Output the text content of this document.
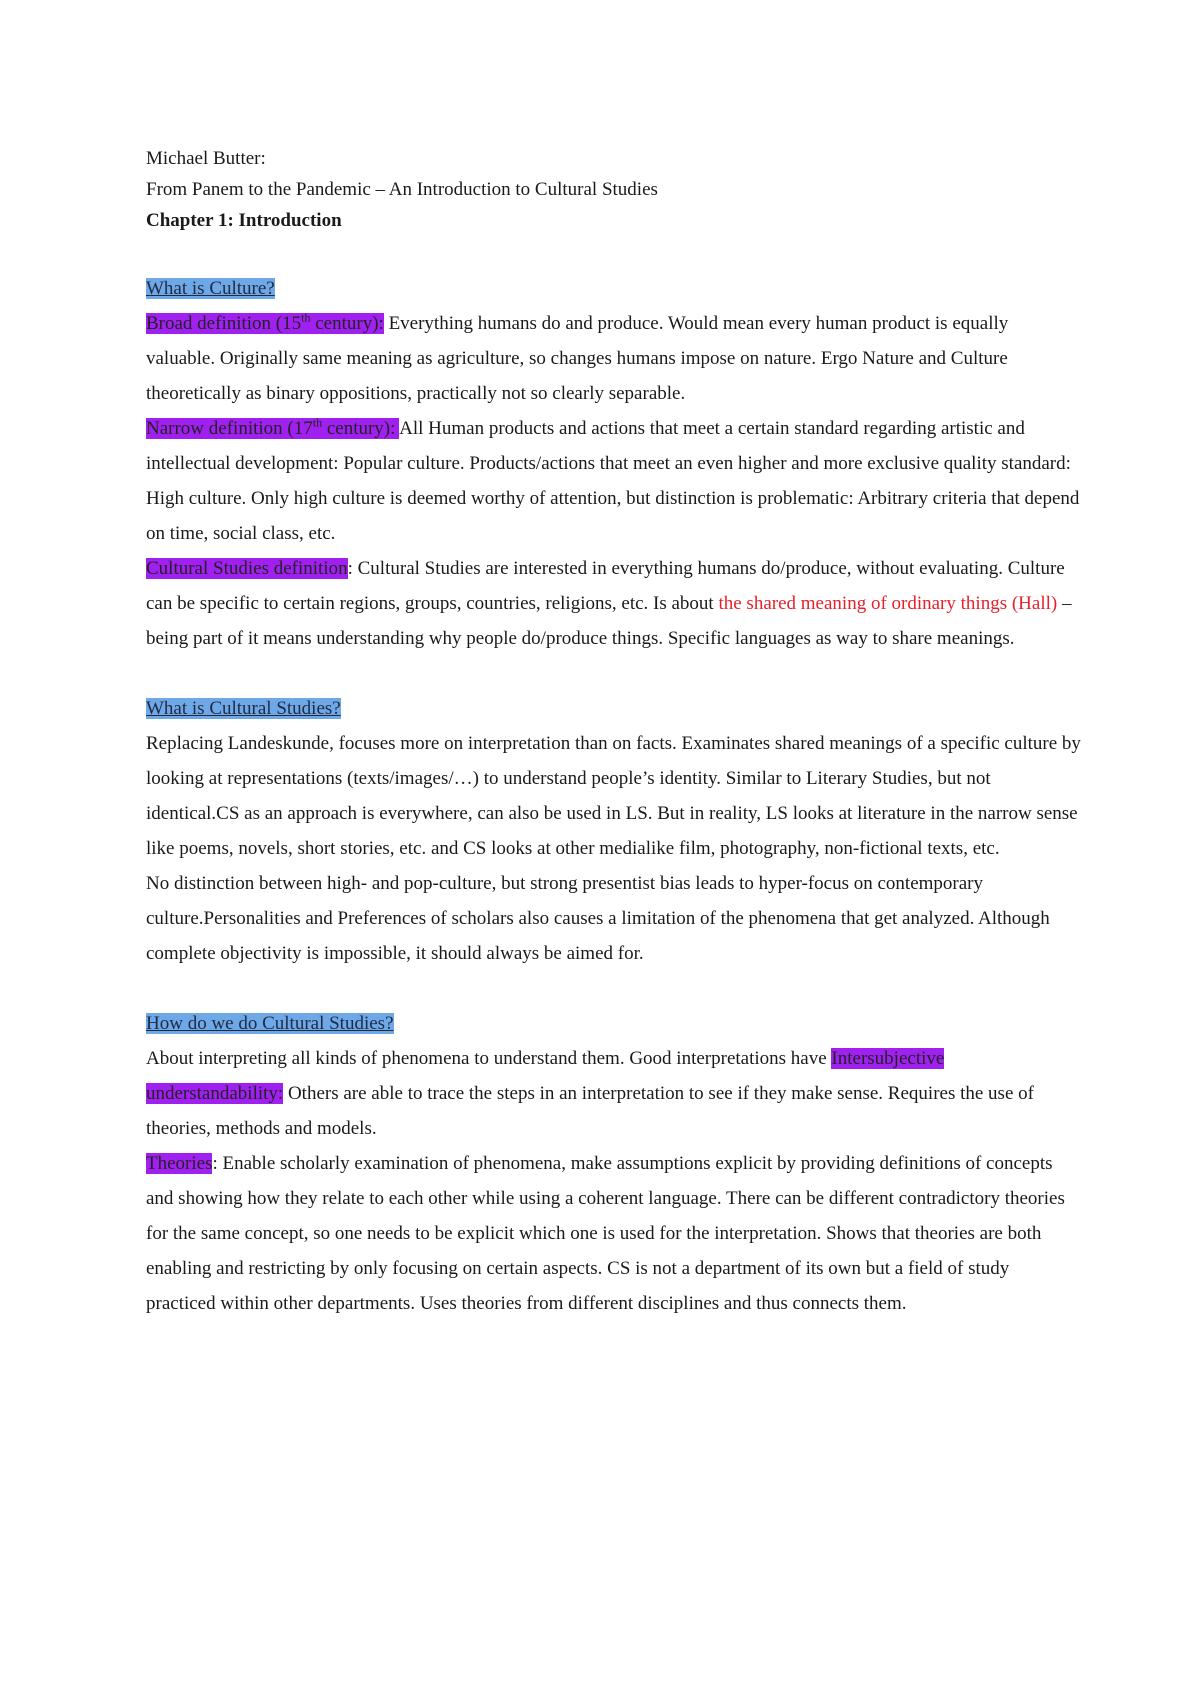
Michael Butter:

From Panem to the Pandemic – An Introduction to Cultural Studies

Chapter 1: Introduction

What is Culture?

Broad definition (15th century): Everything humans do and produce. Would mean every human product is equally valuable. Originally same meaning as agriculture, so changes humans impose on nature. Ergo Nature and Culture theoretically as binary oppositions, practically not so clearly separable.

Narrow definition (17th century): All Human products and actions that meet a certain standard regarding artistic and intellectual development: Popular culture. Products/actions that meet an even higher and more exclusive quality standard: High culture. Only high culture is deemed worthy of attention, but distinction is problematic: Arbitrary criteria that depend on time, social class, etc.

Cultural Studies definition: Cultural Studies are interested in everything humans do/produce, without evaluating. Culture can be specific to certain regions, groups, countries, religions, etc. Is about the shared meaning of ordinary things (Hall) – being part of it means understanding why people do/produce things. Specific languages as way to share meanings.

What is Cultural Studies?

Replacing Landeskunde, focuses more on interpretation than on facts. Examinates shared meanings of a specific culture by looking at representations (texts/images/…) to understand people’s identity. Similar to Literary Studies, but not identical.CS as an approach is everywhere, can also be used in LS. But in reality, LS looks at literature in the narrow sense like poems, novels, short stories, etc. and CS looks at other medialike film, photography, non-fictional texts, etc.

No distinction between high- and pop-culture, but strong presentist bias leads to hyper-focus on contemporary culture.Personalities and Preferences of scholars also causes a limitation of the phenomena that get analyzed. Although complete objectivity is impossible, it should always be aimed for.

How do we do Cultural Studies?

About interpreting all kinds of phenomena to understand them. Good interpretations have Intersubjective understandability: Others are able to trace the steps in an interpretation to see if they make sense. Requires the use of theories, methods and models.

Theories: Enable scholarly examination of phenomena, make assumptions explicit by providing definitions of concepts and showing how they relate to each other while using a coherent language. There can be different contradictory theories for the same concept, so one needs to be explicit which one is used for the interpretation. Shows that theories are both enabling and restricting by only focusing on certain aspects. CS is not a department of its own but a field of study practiced within other departments. Uses theories from different disciplines and thus connects them.
